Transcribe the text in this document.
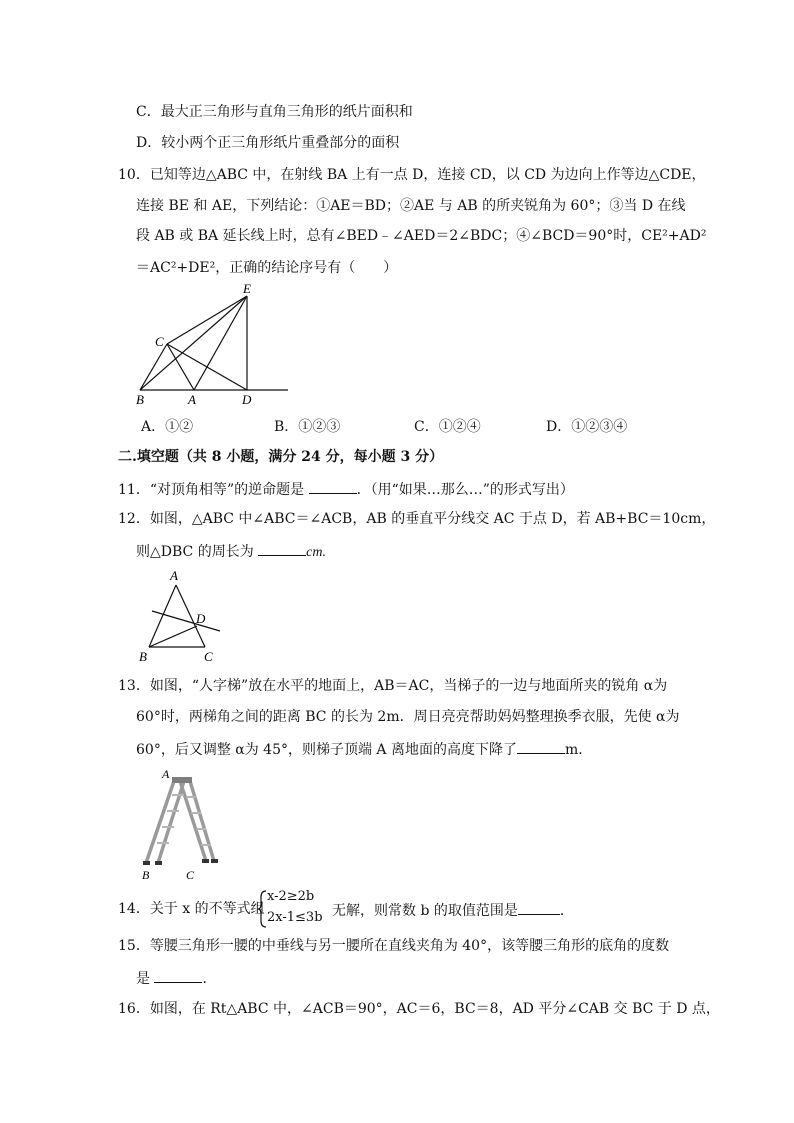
C．最大正三角形与直角三角形的纸片面积和
D．较小两个正三角形纸片重叠部分的面积
10．已知等边△ABC 中，在射线 BA 上有一点 D，连接 CD，以 CD 为边向上作等边△CDE，
连接 BE 和 AE，下列结论：①AE＝BD；②AE 与 AB 的所夹锐角为 60°；③当 D 在线
段 AB 或 BA 延长线上时，总有∠BED﹣∠AED＝2∠BDC；④∠BCD＝90°时，CE²+AD²
＝AC²+DE²，正确的结论序号有（　　）
E
C
B	A	D
A．①②	B．①②③	C．①②④	D．①②③④
二.填空题（共 8 小题，满分 24 分，每小题 3 分）
11．“对顶角相等”的逆命题是	．（用“如果…那么…”的形式写出）
12．如图，△ABC 中∠ABC＝∠ACB，AB 的垂直平分线交 AC 于点 D，若 AB+BC＝10cm，
则△DBC 的周长为	cm.
A
D
B	C
13．如图，“人字梯”放在水平的地面上，AB＝AC，当梯子的一边与地面所夹的锐角 α为
60°时，两梯角之间的距离 BC 的长为 2m．周日亮亮帮助妈妈整理换季衣服，先使 α为
60°，后又调整 α为 45°，则梯子顶端 A 离地面的高度下降了	m．
A
B	C
14．关于 x 的不等式组
x-2≥2b
2x-1≤3b 无解，则常数 b 的取值范围是	．
15．等腰三角形一腰的中垂线与另一腰所在直线夹角为 40°，该等腰三角形的底角的度数
是	．
16．如图，在 Rt△ABC 中，∠ACB＝90°，AC＝6，BC＝8，AD 平分∠CAB 交 BC 于 D 点，
